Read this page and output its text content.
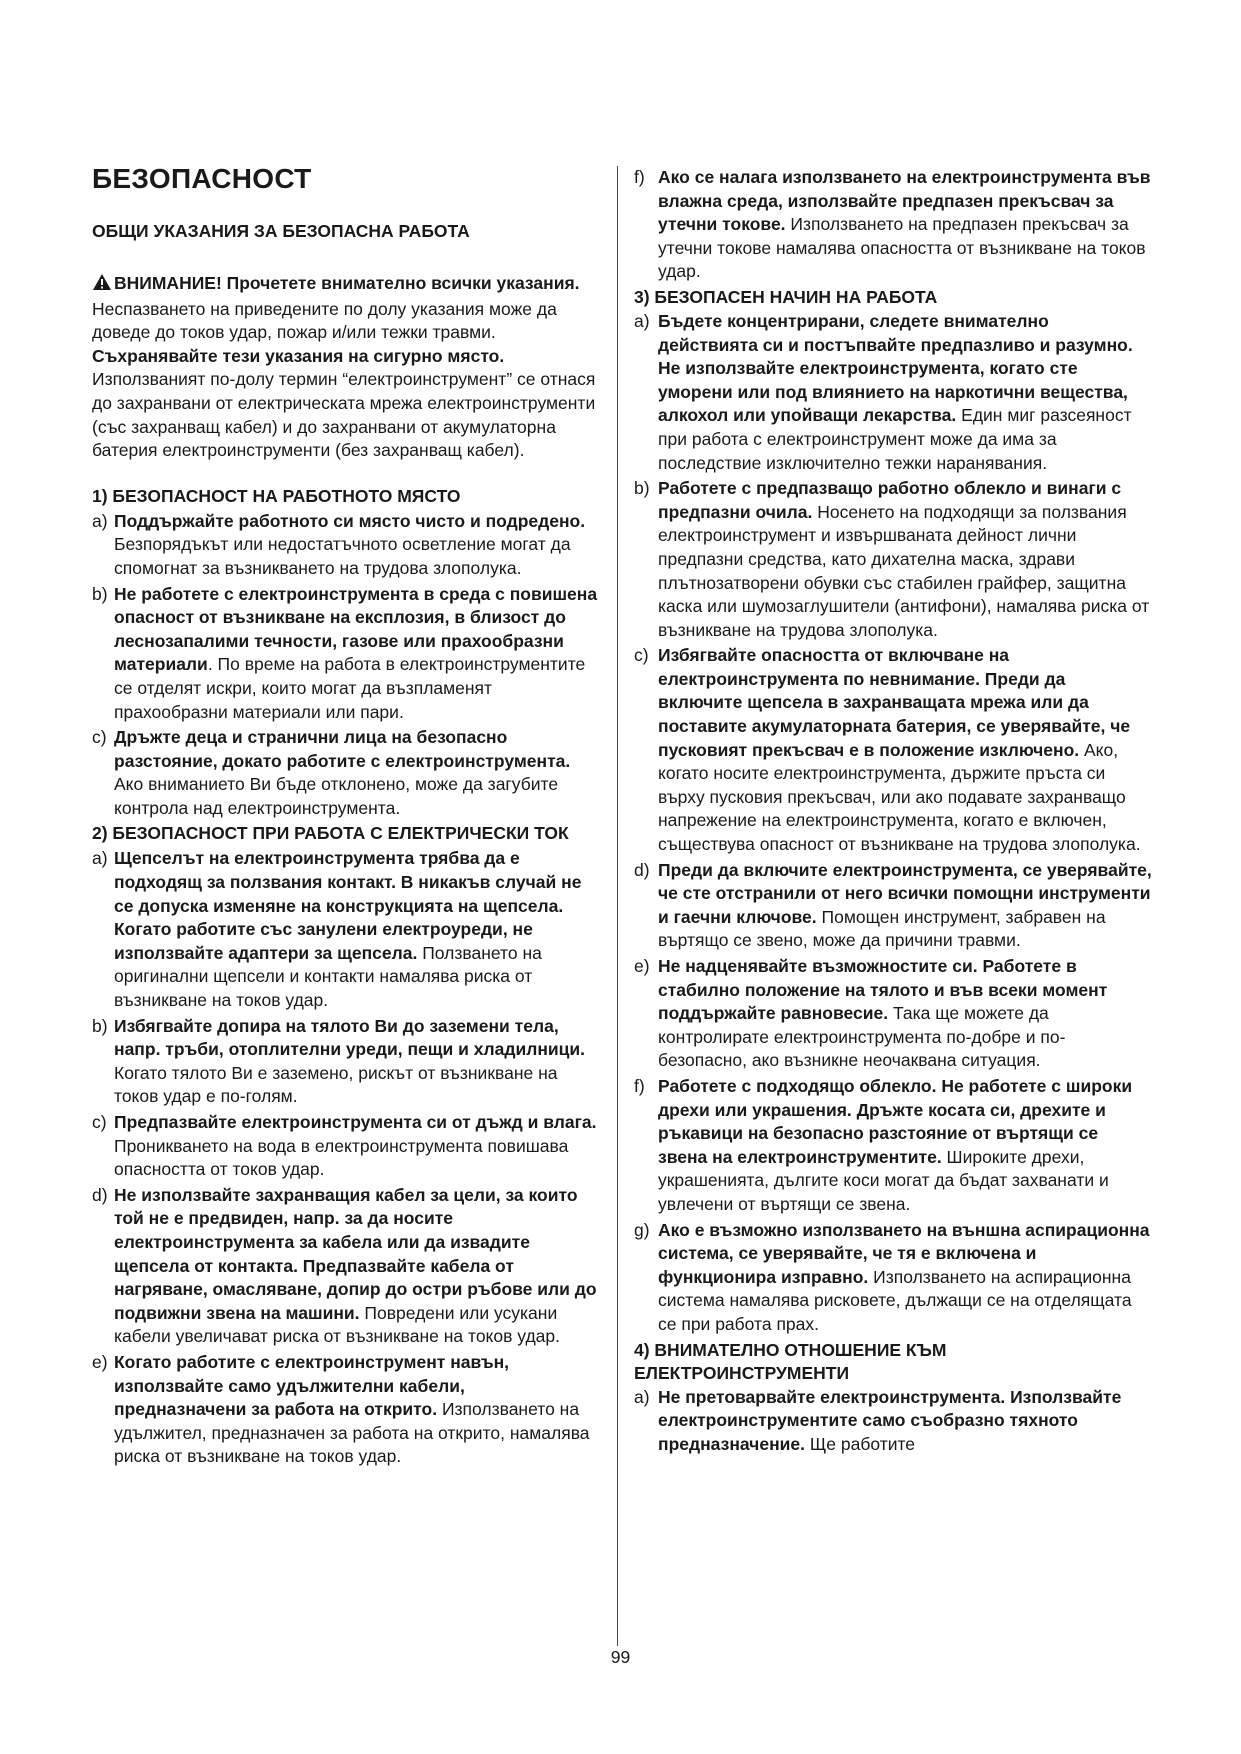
БЕЗОПАСНОСТ
ОБЩИ УКАЗАНИЯ ЗА БЕЗОПАСНА РАБОТА

ВНИМАНИЕ! Прочетете внимателно всички указания. Неспазването на приведените по долу указания може да доведе до токов удар, пожар и/или тежки травми. Съхранявайте тези указания на сигурно място. Използваният по-долу термин “електроинструмент” се отнася до захранвани от електрическата мрежа електроинструменти (със захранващ кабел) и до захранвани от акумулаторна батерия електроинструменти (без захранващ кабел).

1) БЕЗОПАСНОСТ НА РАБОТНОТО МЯСТО
a) Поддържайте работното си място чисто и подредено. Безпорядъкът или недостатъчното осветление могат да спомогнат за възникването на трудова злополука.
b) Не работете с електроинструмента в среда с повишена опасност от възникване на експлозия, в близост до леснозапалими течности, газове или прахообразни материали. По време на работа в електроинструментите се отделят искри, които могат да възпламенят прахообразни материали или пари.
c) Дръжте деца и странични лица на безопасно разстояние, докато работите с електроинструмента. Ако вниманието Ви бъде отклонено, може да загубите контрола над електроинструмента.
2) БЕЗОПАСНОСТ ПРИ РАБОТА С ЕЛЕКТРИЧЕСКИ ТОК
a) Щепселът на електроинструмента трябва да е подходящ за ползвания контакт. В никакъв случай не се допуска изменяне на конструкцията на щепсела. Когато работите със занулени електроуреди, не използвайте адаптери за щепсела. Ползването на оригинални щепсели и контакти намалява риска от възникване на токов удар.
b) Избягвайте допира на тялото Ви до заземени тела, напр. тръби, отоплителни уреди, пещи и хладилници. Когато тялото Ви е заземено, рискът от възникване на токов удар е по-голям.
c) Предпазвайте електроинструмента си от дъжд и влага. Проникването на вода в електроинструмента повишава опасността от токов удар.
d) Не използвайте захранващия кабел за цели, за които той не е предвиден, напр. за да носите електроинструмента за кабела или да извадите щепсела от контакта. Предпазвайте кабела от нагряване, омасляване, допир до остри ръбове или до подвижни звена на машини. Повредени или усукани кабели увеличават риска от възникване на токов удар.
e) Когато работите с електроинструмент навън, използвайте само удължителни кабели, предназначени за работа на открито. Използването на удължител, предназначен за работа на открито, намалява риска от възникване на токов удар.
f) Ако се налага използването на електроинструмента във влажна среда, използвайте предпазен прекъсвач за утечни токове. Използването на предпазен прекъсвач за утечни токове намалява опасността от възникване на токов удар.
3) БЕЗОПАСЕН НАЧИН НА РАБОТА
a) Бъдете концентрирани, следете внимателно действията си и постъпвайте предпазливо и разумно. Не използвайте електроинструмента, когато сте уморени или под влиянието на наркотични вещества, алкохол или упойващи лекарства. Един миг разсеяност при работа с електроинструмент може да има за последствие изключително тежки наранявания.
b) Работете с предпазващо работно облекло и винаги с предпазни очила. Носенето на подходящи за ползвания електроинструмент и извършваната дейност лични предпазни средства, като дихателна маска, здрави плътнозатворени обувки със стабилен грайфер, защитна каска или шумозаглушители (антифони), намалява риска от възникване на трудова злополука.
c) Избягвайте опасността от включване на електроинструмента по невнимание. Преди да включите щепсела в захранващата мрежа или да поставите акумулаторната батерия, се уверявайте, че пусковият прекъсвач е в положение изключено. Ако, когато носите електроинструмента, държите пръста си върху пусковия прекъсвач, или ако подавате захранващо напрежение на електроинструмента, когато е включен, съществува опасност от възникване на трудова злополука.
d) Преди да включите електроинструмента, се уверявайте, че сте отстранили от него всички помощни инструменти и гаечни ключове. Помощен инструмент, забравен на въртящо се звено, може да причини травми.
e) Не надценявайте възможностите си. Работете в стабилно положение на тялото и във всеки момент поддържайте равновесие. Така ще можете да контролирате електроинструмента по-добре и по-безопасно, ако възникне неочаквана ситуация.
f) Работете с подходящо облекло. Не работете с широки дрехи или украшения. Дръжте косата си, дрехите и ръкавици на безопасно разстояние от въртящи се звена на електроинструментите. Широките дрехи, украшенията, дългите коси могат да бъдат захванати и увлечени от въртящи се звена.
g) Ако е възможно използването на външна аспирационна система, се уверявайте, че тя е включена и функционира изправно. Използването на аспирационна система намалява рисковете, дължащи се на отделящата се при работа прах.
4) ВНИМАТЕЛНО ОТНОШЕНИЕ КЪМ ЕЛЕКТРОИНСТРУМЕНТИ
a) Не претоварвайте електроинструмента. Използвайте електроинструментите само съобразно тяхното предназначение. Ще работите
99
